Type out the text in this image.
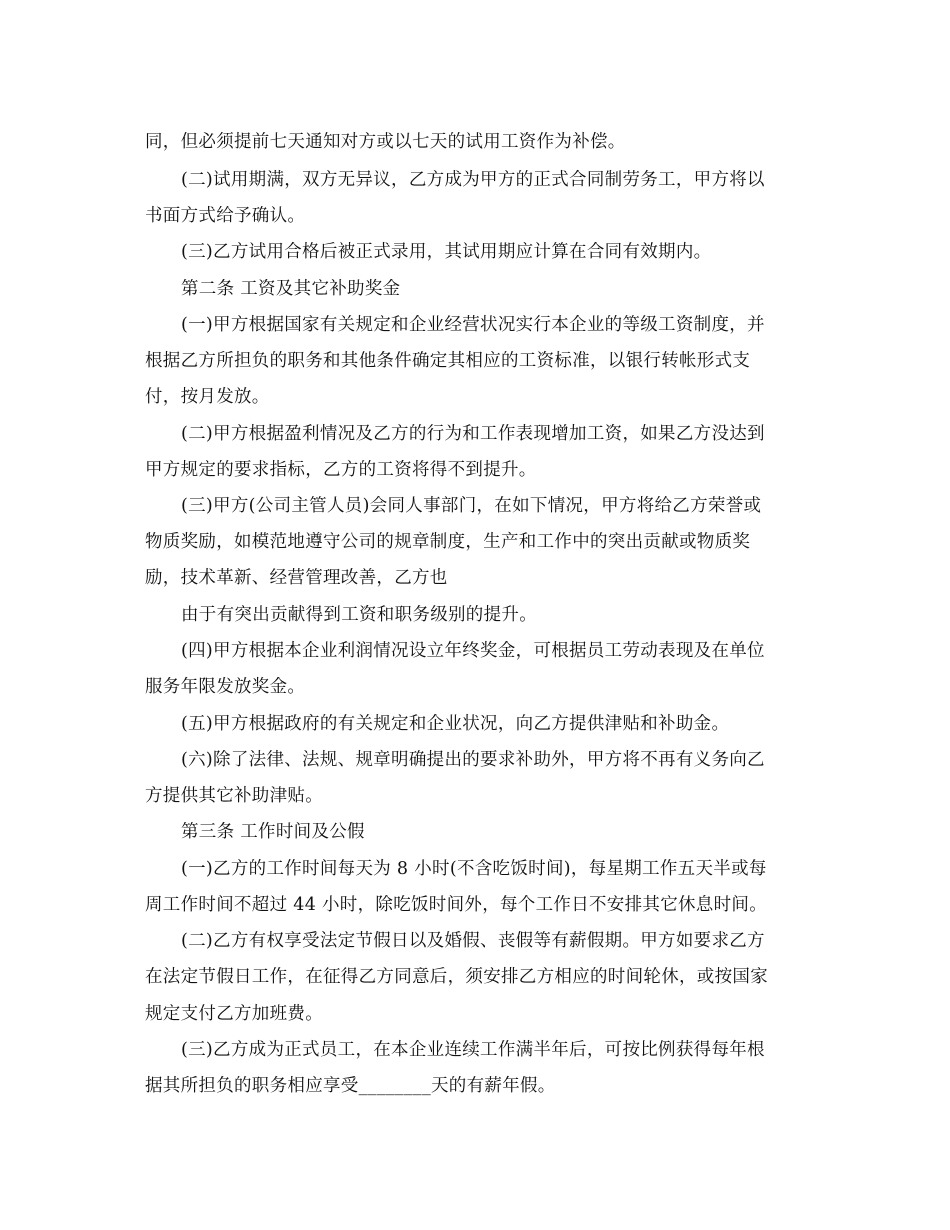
同，但必须提前七天通知对方或以七天的试用工资作为补偿。
(二)试用期满，双方无异议，乙方成为甲方的正式合同制劳务工，甲方将以
书面方式给予确认。
(三)乙方试用合格后被正式录用，其试用期应计算在合同有效期内。
第二条 工资及其它补助奖金
(一)甲方根据国家有关规定和企业经营状况实行本企业的等级工资制度，并
根据乙方所担负的职务和其他条件确定其相应的工资标准，以银行转帐形式支
付，按月发放。
(二)甲方根据盈利情况及乙方的行为和工作表现增加工资，如果乙方没达到
甲方规定的要求指标，乙方的工资将得不到提升。
(三)甲方(公司主管人员)会同人事部门，在如下情况，甲方将给乙方荣誉或
物质奖励，如模范地遵守公司的规章制度，生产和工作中的突出贡献或物质奖
励，技术革新、经营管理改善，乙方也
由于有突出贡献得到工资和职务级别的提升。
(四)甲方根据本企业利润情况设立年终奖金，可根据员工劳动表现及在单位
服务年限发放奖金。
(五)甲方根据政府的有关规定和企业状况，向乙方提供津贴和补助金。
(六)除了法律、法规、规章明确提出的要求补助外，甲方将不再有义务向乙
方提供其它补助津贴。
第三条 工作时间及公假
(一)乙方的工作时间每天为 8 小时(不含吃饭时间)，每星期工作五天半或每
周工作时间不超过 44 小时，除吃饭时间外，每个工作日不安排其它休息时间。
(二)乙方有权享受法定节假日以及婚假、丧假等有薪假期。甲方如要求乙方
在法定节假日工作，在征得乙方同意后，须安排乙方相应的时间轮休，或按国家
规定支付乙方加班费。
(三)乙方成为正式员工，在本企业连续工作满半年后，可按比例获得每年根
据其所担负的职务相应享受________天的有薪年假。
